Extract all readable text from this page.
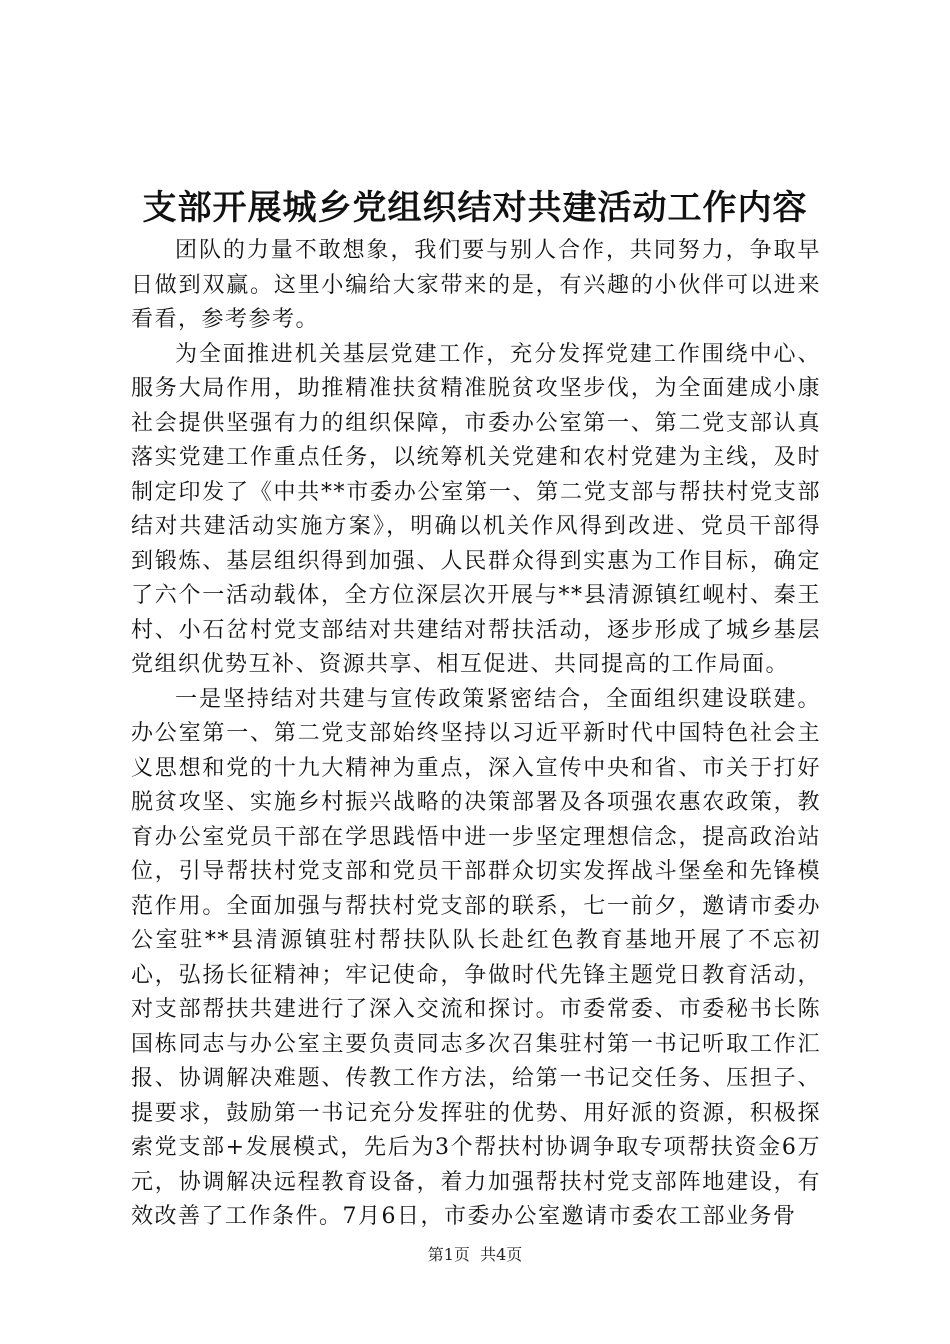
支部开展城乡党组织结对共建活动工作内容

团队的力量不敢想象，我们要与别人合作，共同努力，争取早日做到双赢。这里小编给大家带来的是，有兴趣的小伙伴可以进来看看，参考参考。

为全面推进机关基层党建工作，充分发挥党建工作围绕中心、服务大局作用，助推精准扶贫精准脱贫攻坚步伐，为全面建成小康社会提供坚强有力的组织保障，市委办公室第一、第二党支部认真落实党建工作重点任务，以统筹机关党建和农村党建为主线，及时制定印发了《中共**市委办公室第一、第二党支部与帮扶村党支部结对共建活动实施方案》，明确以机关作风得到改进、党员干部得到锻炼、基层组织得到加强、人民群众得到实惠为工作目标，确定了六个一活动载体，全方位深层次开展与**县清源镇红岘村、秦王村、小石岔村党支部结对共建结对帮扶活动，逐步形成了城乡基层党组织优势互补、资源共享、相互促进、共同提高的工作局面。

一是坚持结对共建与宣传政策紧密结合，全面组织建设联建。办公室第一、第二党支部始终坚持以习近平新时代中国特色社会主义思想和党的十九大精神为重点，深入宣传中央和省、市关于打好脱贫攻坚、实施乡村振兴战略的决策部署及各项强农惠农政策，教育办公室党员干部在学思践悟中进一步坚定理想信念，提高政治站位，引导帮扶村党支部和党员干部群众切实发挥战斗堡垒和先锋模范作用。全面加强与帮扶村党支部的联系，七一前夕，邀请市委办公室驻**县清源镇驻村帮扶队队长赴红色教育基地开展了不忘初心，弘扬长征精神；牢记使命，争做时代先锋主题党日教育活动，对支部帮扶共建进行了深入交流和探讨。市委常委、市委秘书长陈国栋同志与办公室主要负责同志多次召集驻村第一书记听取工作汇报、协调解决难题、传教工作方法，给第一书记交任务、压担子、提要求，鼓励第一书记充分发挥驻的优势、用好派的资源，积极探索党支部+发展模式，先后为3个帮扶村协调争取专项帮扶资金6万元，协调解决远程教育设备，着力加强帮扶村党支部阵地建设，有效改善了工作条件。7月6日，市委办公室邀请市委农工部业务骨

第1页 共4页
